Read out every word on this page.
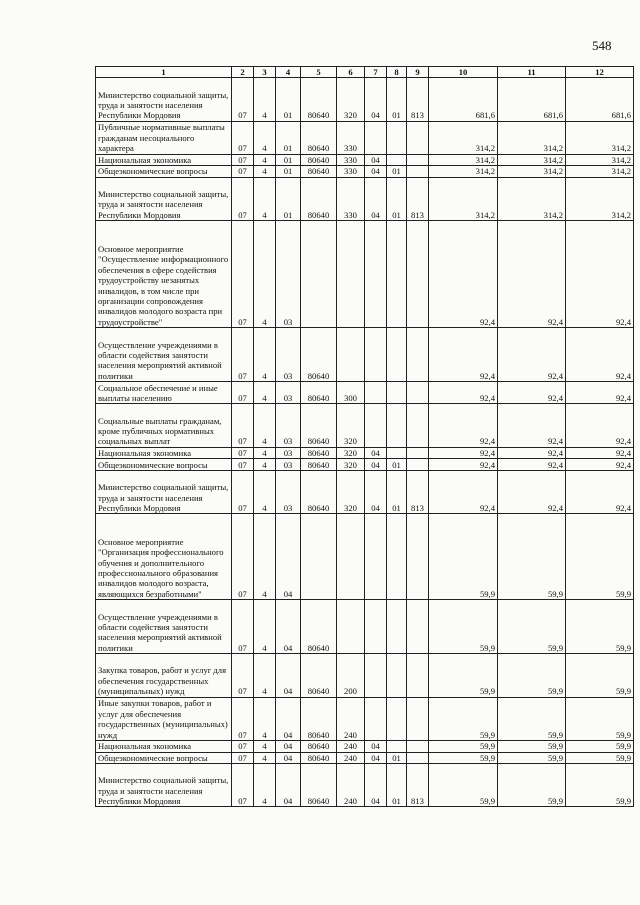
548
1	2	3	4	5	6	7	8	9	10	11	12
Министерство социальной защиты, труда и занятости населения Республики Мордовия	07	4	01	80640	320	04	01	813	681,6	681,6	681,6
Публичные нормативные выплаты гражданам несоциального характера	07	4	01	80640	330				314,2	314,2	314,2
Национальная экономика	07	4	01	80640	330	04			314,2	314,2	314,2
Общеэкономические вопросы	07	4	01	80640	330	04	01		314,2	314,2	314,2
Министерство социальной защиты, труда и занятости населения Республики Мордовия	07	4	01	80640	330	04	01	813	314,2	314,2	314,2
Основное мероприятие "Осуществление информационного обеспечения в сфере содействия трудоустройству незанятых инвалидов, в том числе при организации сопровождения инвалидов молодого возраста при трудоустройстве"	07	4	03						92,4	92,4	92,4
Осуществление учреждениями в области содействия занятости населения мероприятий активной политики	07	4	03	80640					92,4	92,4	92,4
Социальное обеспечение и иные выплаты населению	07	4	03	80640	300				92,4	92,4	92,4
Социальные выплаты гражданам, кроме публичных нормативных социальных выплат	07	4	03	80640	320				92,4	92,4	92,4
Национальная экономика	07	4	03	80640	320	04			92,4	92,4	92,4
Общеэкономические вопросы	07	4	03	80640	320	04	01		92,4	92,4	92,4
Министерство социальной защиты, труда и занятости населения Республики Мордовия	07	4	03	80640	320	04	01	813	92,4	92,4	92,4
Основное мероприятие "Организация профессионального обучения и дополнительного профессионального образования инвалидов молодого возраста, являющихся безработными"	07	4	04						59,9	59,9	59,9
Осуществление учреждениями в области содействия занятости населения мероприятий активной политики	07	4	04	80640					59,9	59,9	59,9
Закупка товаров, работ и услуг для обеспечения государственных (муниципальных) нужд	07	4	04	80640	200				59,9	59,9	59,9
Иные закупки товаров, работ и услуг для обеспечения государственных (муниципальных) нужд	07	4	04	80640	240				59,9	59,9	59,9
Национальная экономика	07	4	04	80640	240	04			59,9	59,9	59,9
Общеэкономические вопросы	07	4	04	80640	240	04	01		59,9	59,9	59,9
Министерство социальной защиты, труда и занятости населения Республики Мордовия	07	4	04	80640	240	04	01	813	59,9	59,9	59,9
